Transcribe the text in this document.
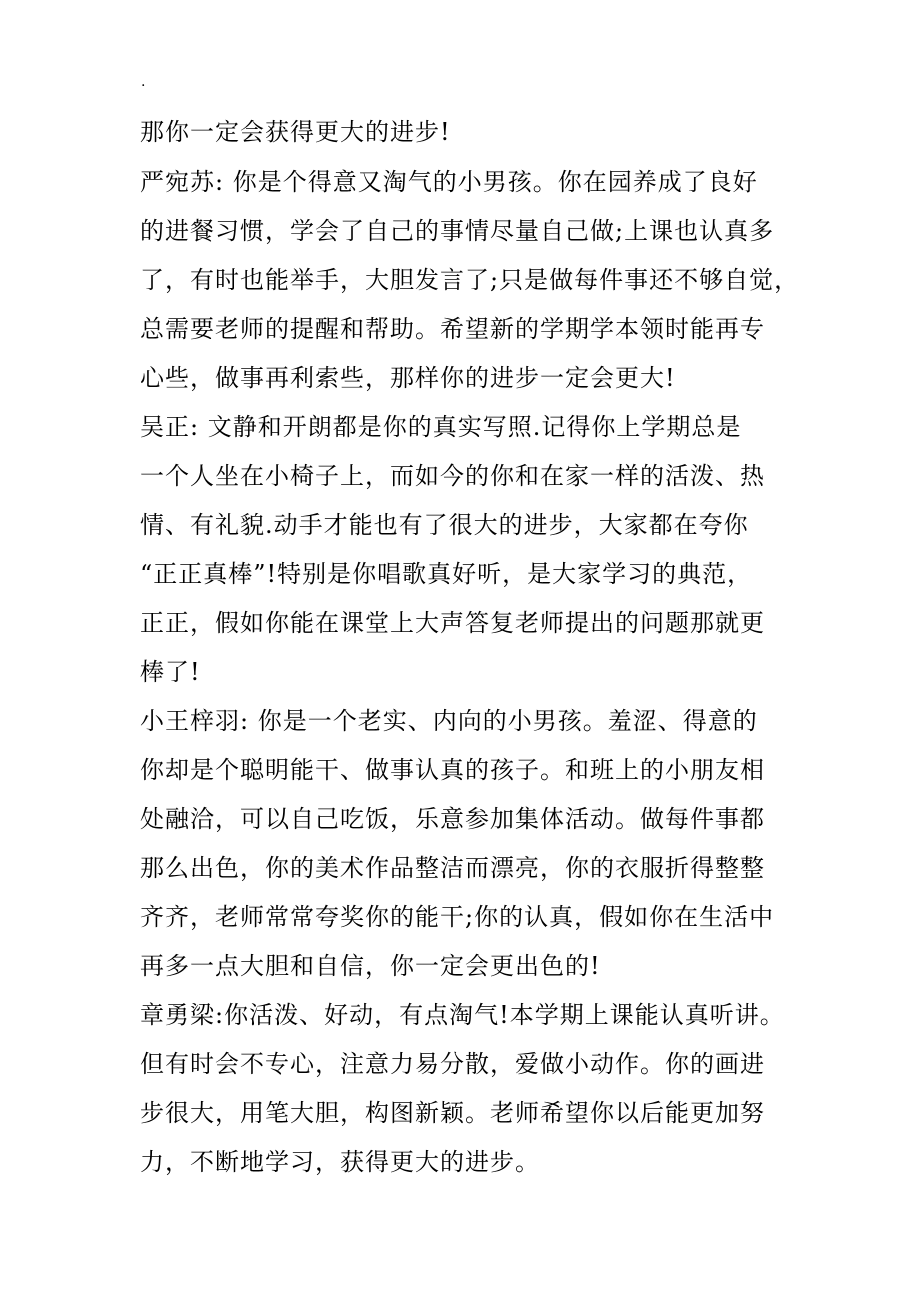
.
那你一定会获得更大的进步!
严宛苏: 你是个得意又淘气的小男孩。你在园养成了良好
的进餐习惯，学会了自己的事情尽量自己做;上课也认真多
了，有时也能举手，大胆发言了;只是做每件事还不够自觉，
总需要老师的提醒和帮助。希望新的学期学本领时能再专
心些，做事再利索些，那样你的进步一定会更大!
吴正: 文静和开朗都是你的真实写照.记得你上学期总是
一个人坐在小椅子上，而如今的你和在家一样的活泼、热
情、有礼貌.动手才能也有了很大的进步，大家都在夸你
“正正真棒”!特别是你唱歌真好听，是大家学习的典范，
正正，假如你能在课堂上大声答复老师提出的问题那就更
棒了!
小王梓羽: 你是一个老实、内向的小男孩。羞涩、得意的
你却是个聪明能干、做事认真的孩子。和班上的小朋友相
处融洽，可以自己吃饭，乐意参加集体活动。做每件事都
那么出色，你的美术作品整洁而漂亮，你的衣服折得整整
齐齐，老师常常夸奖你的能干;你的认真，假如你在生活中
再多一点大胆和自信，你一定会更出色的!
章勇梁:你活泼、好动，有点淘气!本学期上课能认真听讲。
但有时会不专心，注意力易分散，爱做小动作。你的画进
步很大，用笔大胆，构图新颖。老师希望你以后能更加努
力，不断地学习，获得更大的进步。
